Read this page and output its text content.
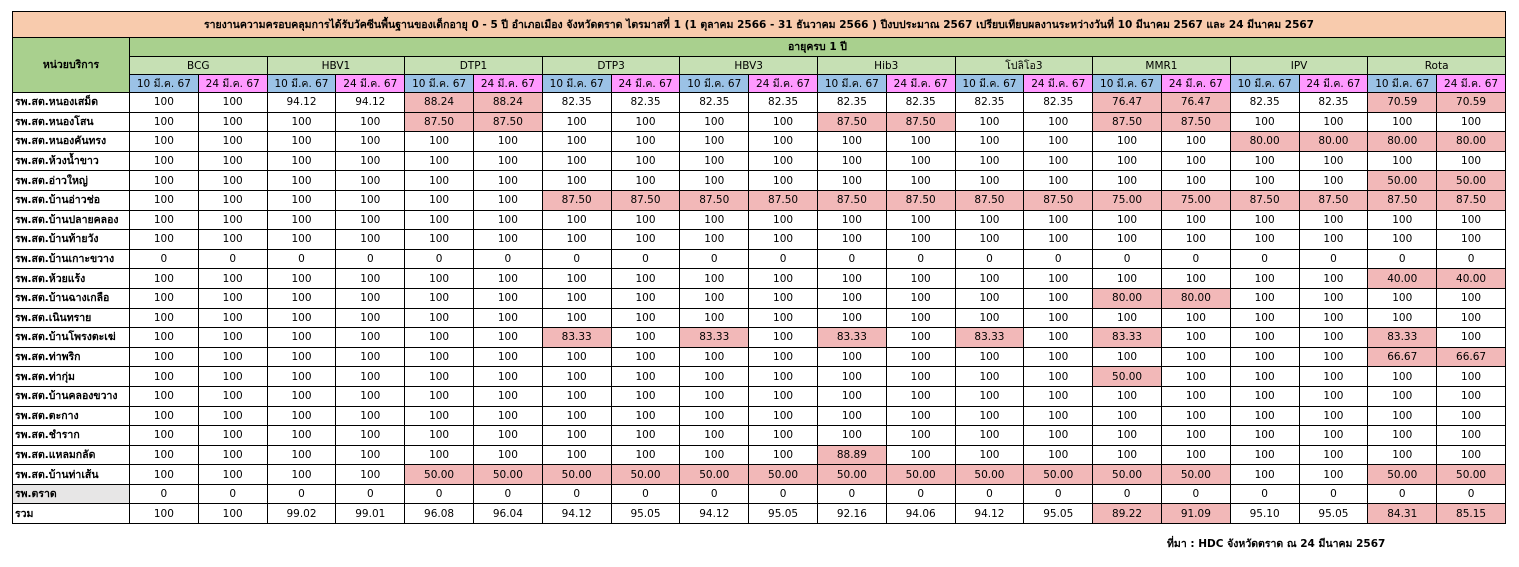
รายงานความครอบคลุมการได้รับวัคซีนพื้นฐานของเด็กอายุ 0 - 5 ปี อำเภอเมือง จังหวัดตราด ไตรมาสที่ 1 (1 ตุลาคม 2566 - 31 ธันวาคม 2566 ) ปีงบประมาณ 2567 เปรียบเทียบผลงานระหว่างวันที่ 10 มีนาคม 2567 และ 24 มีนาคม 2567																				
หน่วยบริการ	อายุครบ 1 ปี																			
	BCG		HBV1		DTP1		DTP3		HBV3		Hib3		โปลิโอ3		MMR1		IPV		Rota	
	10 มี.ค. 67	24 มี.ค. 67	10 มี.ค. 67	24 มี.ค. 67	10 มี.ค. 67	24 มี.ค. 67	10 มี.ค. 67	24 มี.ค. 67	10 มี.ค. 67	24 มี.ค. 67	10 มี.ค. 67	24 มี.ค. 67	10 มี.ค. 67	24 มี.ค. 67	10 มี.ค. 67	24 มี.ค. 67	10 มี.ค. 67	24 มี.ค. 67	10 มี.ค. 67	24 มี.ค. 67
รพ.สต.หนองเสม็ด	100	100	94.12	94.12	88.24	88.24	82.35	82.35	82.35	82.35	82.35	82.35	82.35	82.35	76.47	76.47	82.35	82.35	70.59	70.59
รพ.สต.หนองโสน	100	100	100	100	87.50	87.50	100	100	100	100	87.50	87.50	100	100	87.50	87.50	100	100	100	100
รพ.สต.หนองคันทรง	100	100	100	100	100	100	100	100	100	100	100	100	100	100	100	100	80.00	80.00	80.00	80.00
รพ.สต.ห้วงน้ำขาว	100	100	100	100	100	100	100	100	100	100	100	100	100	100	100	100	100	100	100	100
รพ.สต.อ่าวใหญ่	100	100	100	100	100	100	100	100	100	100	100	100	100	100	100	100	100	100	50.00	50.00
รพ.สต.บ้านอ่าวช่อ	100	100	100	100	100	100	87.50	87.50	87.50	87.50	87.50	87.50	87.50	87.50	75.00	75.00	87.50	87.50	87.50	87.50
รพ.สต.บ้านปลายคลอง	100	100	100	100	100	100	100	100	100	100	100	100	100	100	100	100	100	100	100	100
รพ.สต.บ้านท้ายวัง	100	100	100	100	100	100	100	100	100	100	100	100	100	100	100	100	100	100	100	100
รพ.สต.บ้านเกาะขวาง	0	0	0	0	0	0	0	0	0	0	0	0	0	0	0	0	0	0	0	0
รพ.สต.ห้วยแร้ง	100	100	100	100	100	100	100	100	100	100	100	100	100	100	100	100	100	100	40.00	40.00
รพ.สต.บ้านฉางเกลือ	100	100	100	100	100	100	100	100	100	100	100	100	100	100	80.00	80.00	100	100	100	100
รพ.สต.เนินทราย	100	100	100	100	100	100	100	100	100	100	100	100	100	100	100	100	100	100	100	100
รพ.สต.บ้านโพรงตะเฆ่	100	100	100	100	100	100	83.33	100	83.33	100	83.33	100	83.33	100	83.33	100	100	100	83.33	100
รพ.สต.ท่าพริก	100	100	100	100	100	100	100	100	100	100	100	100	100	100	100	100	100	100	66.67	66.67
รพ.สต.ท่ากุ่ม	100	100	100	100	100	100	100	100	100	100	100	100	100	100	50.00	100	100	100	100	100
รพ.สต.บ้านคลองขวาง	100	100	100	100	100	100	100	100	100	100	100	100	100	100	100	100	100	100	100	100
รพ.สต.ตะกาง	100	100	100	100	100	100	100	100	100	100	100	100	100	100	100	100	100	100	100	100
รพ.สต.ชำราก	100	100	100	100	100	100	100	100	100	100	100	100	100	100	100	100	100	100	100	100
รพ.สต.แหลมกลัด	100	100	100	100	100	100	100	100	100	100	88.89	100	100	100	100	100	100	100	100	100
รพ.สต.บ้านท่าเส้น	100	100	100	100	50.00	50.00	50.00	50.00	50.00	50.00	50.00	50.00	50.00	50.00	50.00	50.00	100	100	50.00	50.00
รพ.ตราด	0	0	0	0	0	0	0	0	0	0	0	0	0	0	0	0	0	0	0	0
รวม	100	100	99.02	99.01	96.08	96.04	94.12	95.05	94.12	95.05	92.16	94.06	94.12	95.05	89.22	91.09	95.10	95.05	84.31	85.15
ที่มา : HDC จังหวัดตราด ณ 24 มีนาคม 2567
